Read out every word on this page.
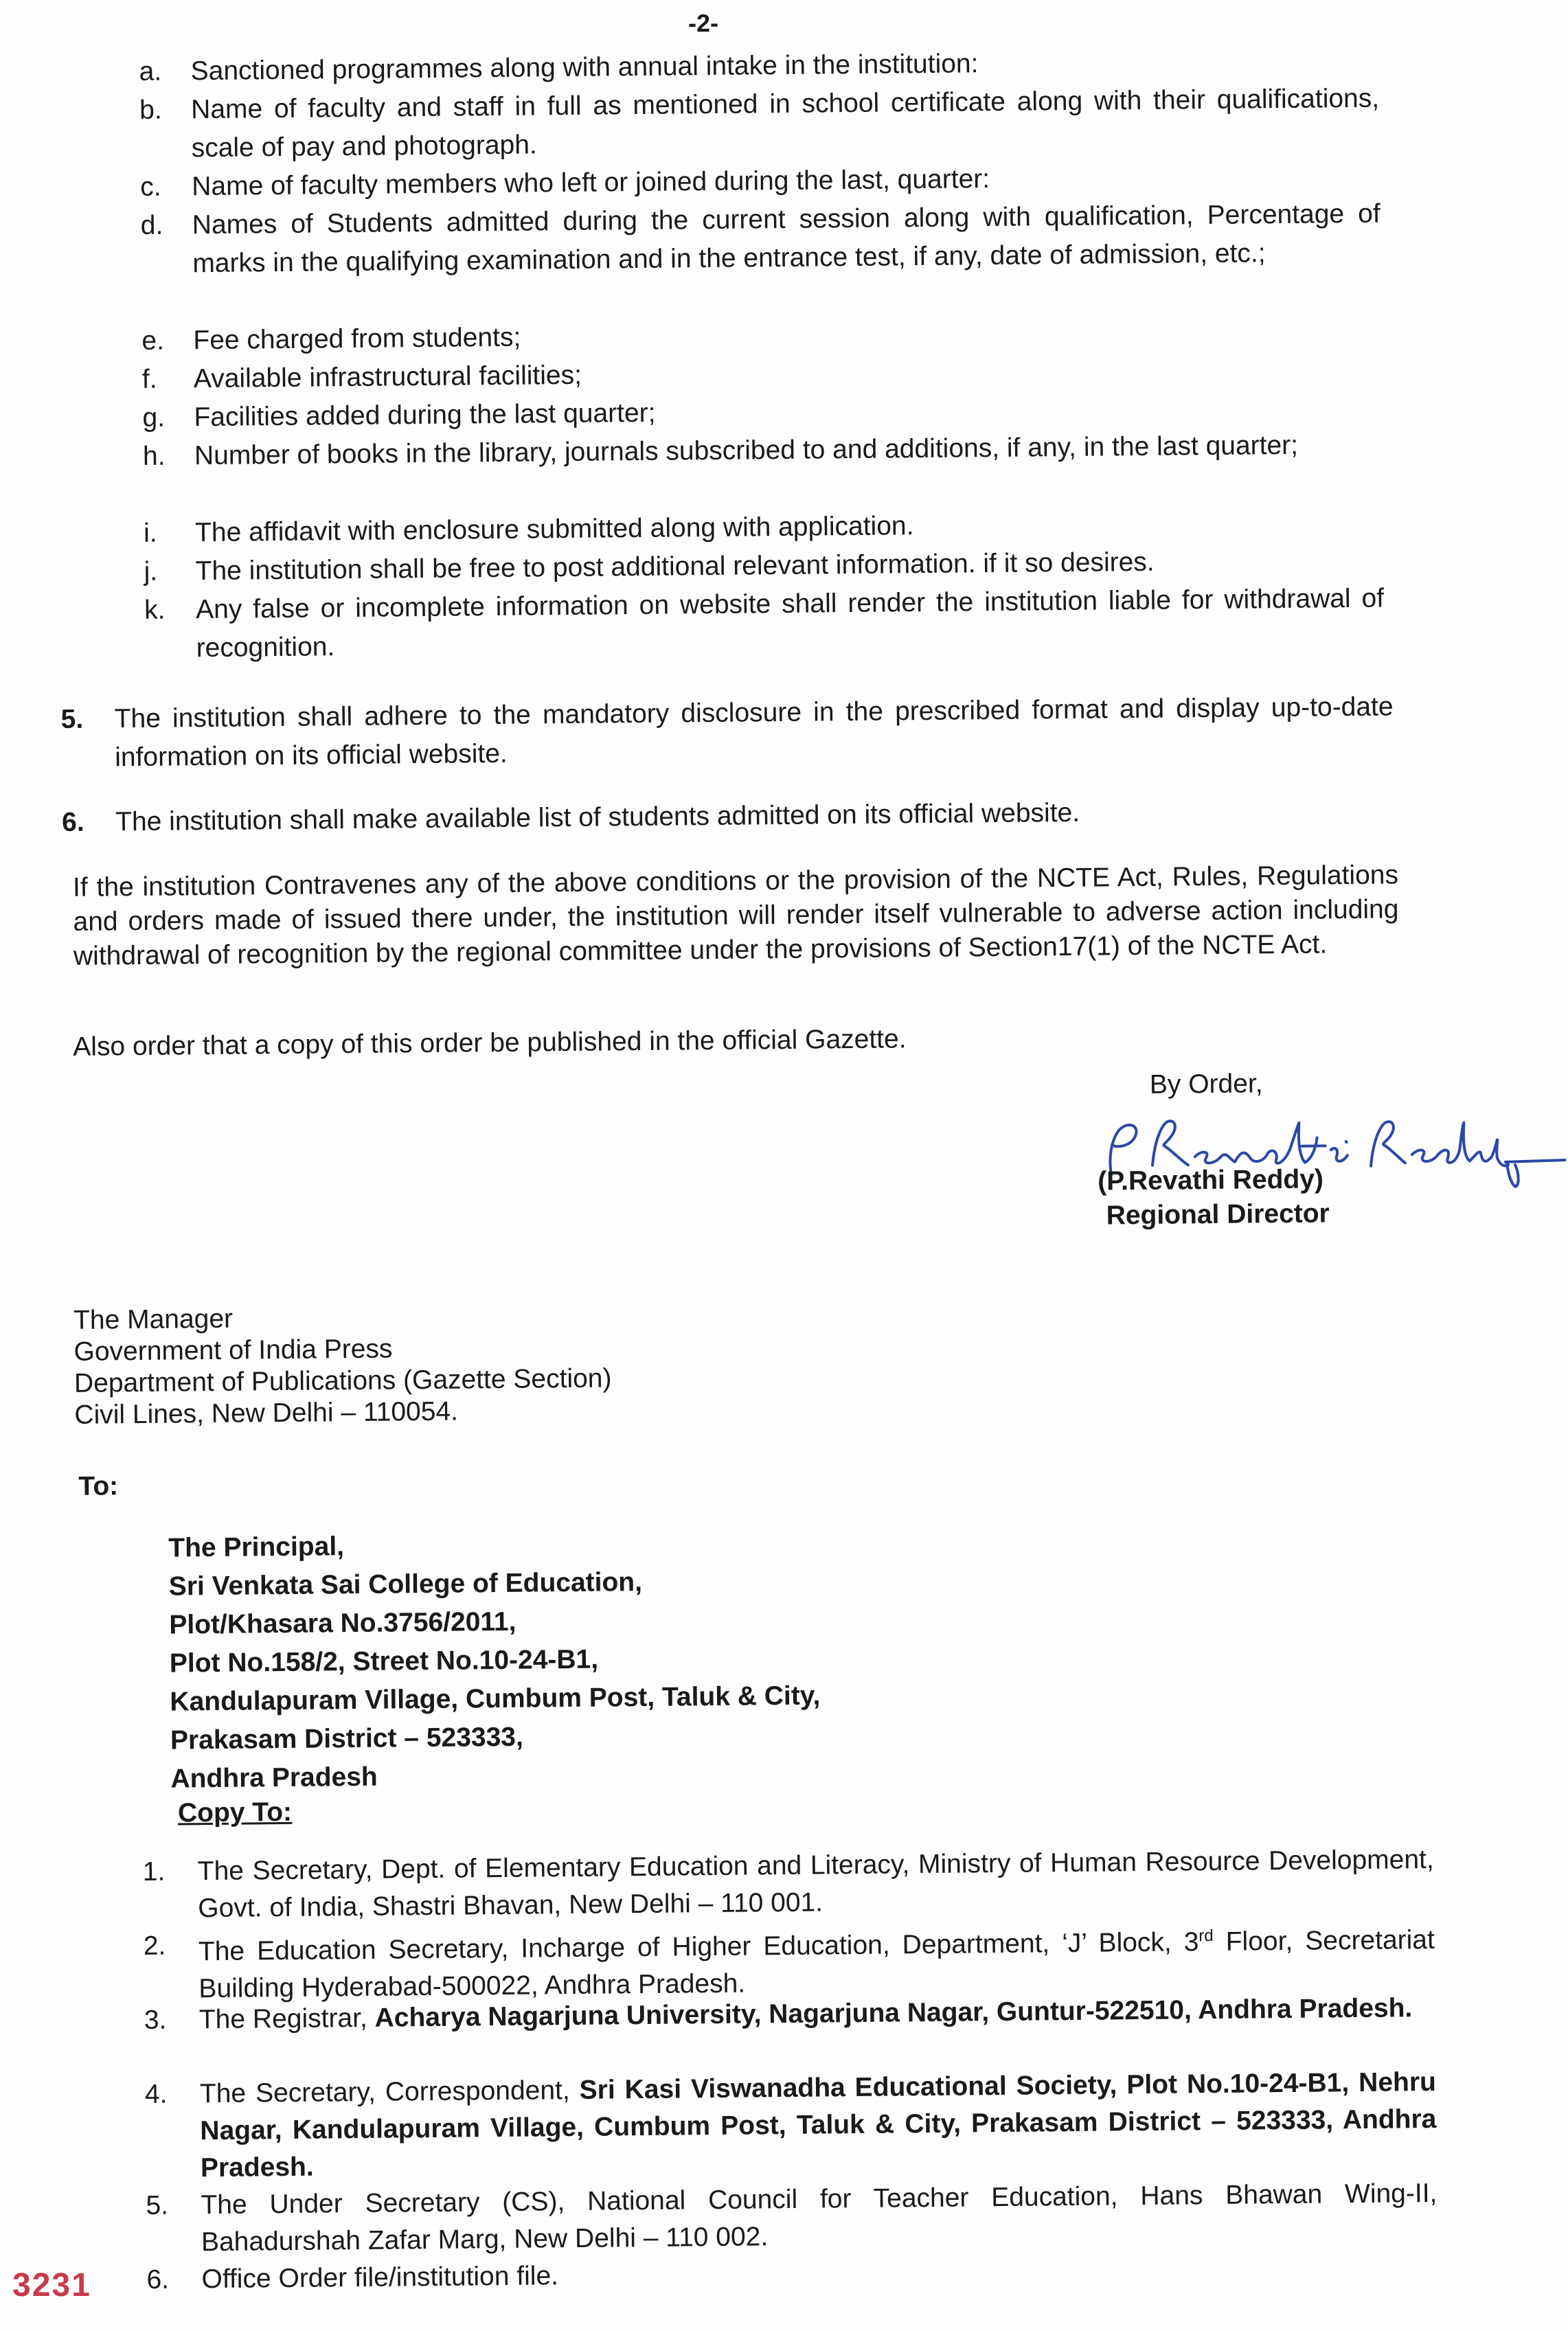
-2-
a. Sanctioned programmes along with annual intake in the institution:
b. Name of faculty and staff in full as mentioned in school certificate along with their qualifications, scale of pay and photograph.
c. Name of faculty members who left or joined during the last, quarter:
d. Names of Students admitted during the current session along with qualification, Percentage of marks in the qualifying examination and in the entrance test, if any, date of admission, etc.;
e. Fee charged from students;
f. Available infrastructural facilities;
g. Facilities added during the last quarter;
h. Number of books in the library, journals subscribed to and additions, if any, in the last quarter;
i. The affidavit with enclosure submitted along with application.
j. The institution shall be free to post additional relevant information. if it so desires.
k. Any false or incomplete information on website shall render the institution liable for withdrawal of recognition.
5. The institution shall adhere to the mandatory disclosure in the prescribed format and display up-to-date information on its official website.
6. The institution shall make available list of students admitted on its official website.
If the institution Contravenes any of the above conditions or the provision of the NCTE Act, Rules, Regulations and orders made of issued there under, the institution will render itself vulnerable to adverse action including withdrawal of recognition by the regional committee under the provisions of Section17(1) of the NCTE Act.
Also order that a copy of this order be published in the official Gazette.
By Order,
(P.Revathi Reddy)
Regional Director
The Manager
Government of India Press
Department of Publications (Gazette Section)
Civil Lines, New Delhi – 110054.
To:
The Principal,
Sri Venkata Sai College of Education,
Plot/Khasara No.3756/2011,
Plot No.158/2, Street No.10-24-B1,
Kandulapuram Village, Cumbum Post, Taluk & City,
Prakasam District – 523333,
Andhra Pradesh
Copy To:
1. The Secretary, Dept. of Elementary Education and Literacy, Ministry of Human Resource Development, Govt. of India, Shastri Bhavan, New Delhi – 110 001.
2. The Education Secretary, Incharge of Higher Education, Department, ‘J’ Block, 3rd Floor, Secretariat Building Hyderabad-500022, Andhra Pradesh.
3. The Registrar, Acharya Nagarjuna University, Nagarjuna Nagar, Guntur-522510, Andhra Pradesh.
4. The Secretary, Correspondent, Sri Kasi Viswanadha Educational Society, Plot No.10-24-B1, Nehru Nagar, Kandulapuram Village, Cumbum Post, Taluk & City, Prakasam District – 523333, Andhra Pradesh.
5. The Under Secretary (CS), National Council for Teacher Education, Hans Bhawan Wing-II, Bahadurshah Zafar Marg, New Delhi – 110 002.
6. Office Order file/institution file.
3231
